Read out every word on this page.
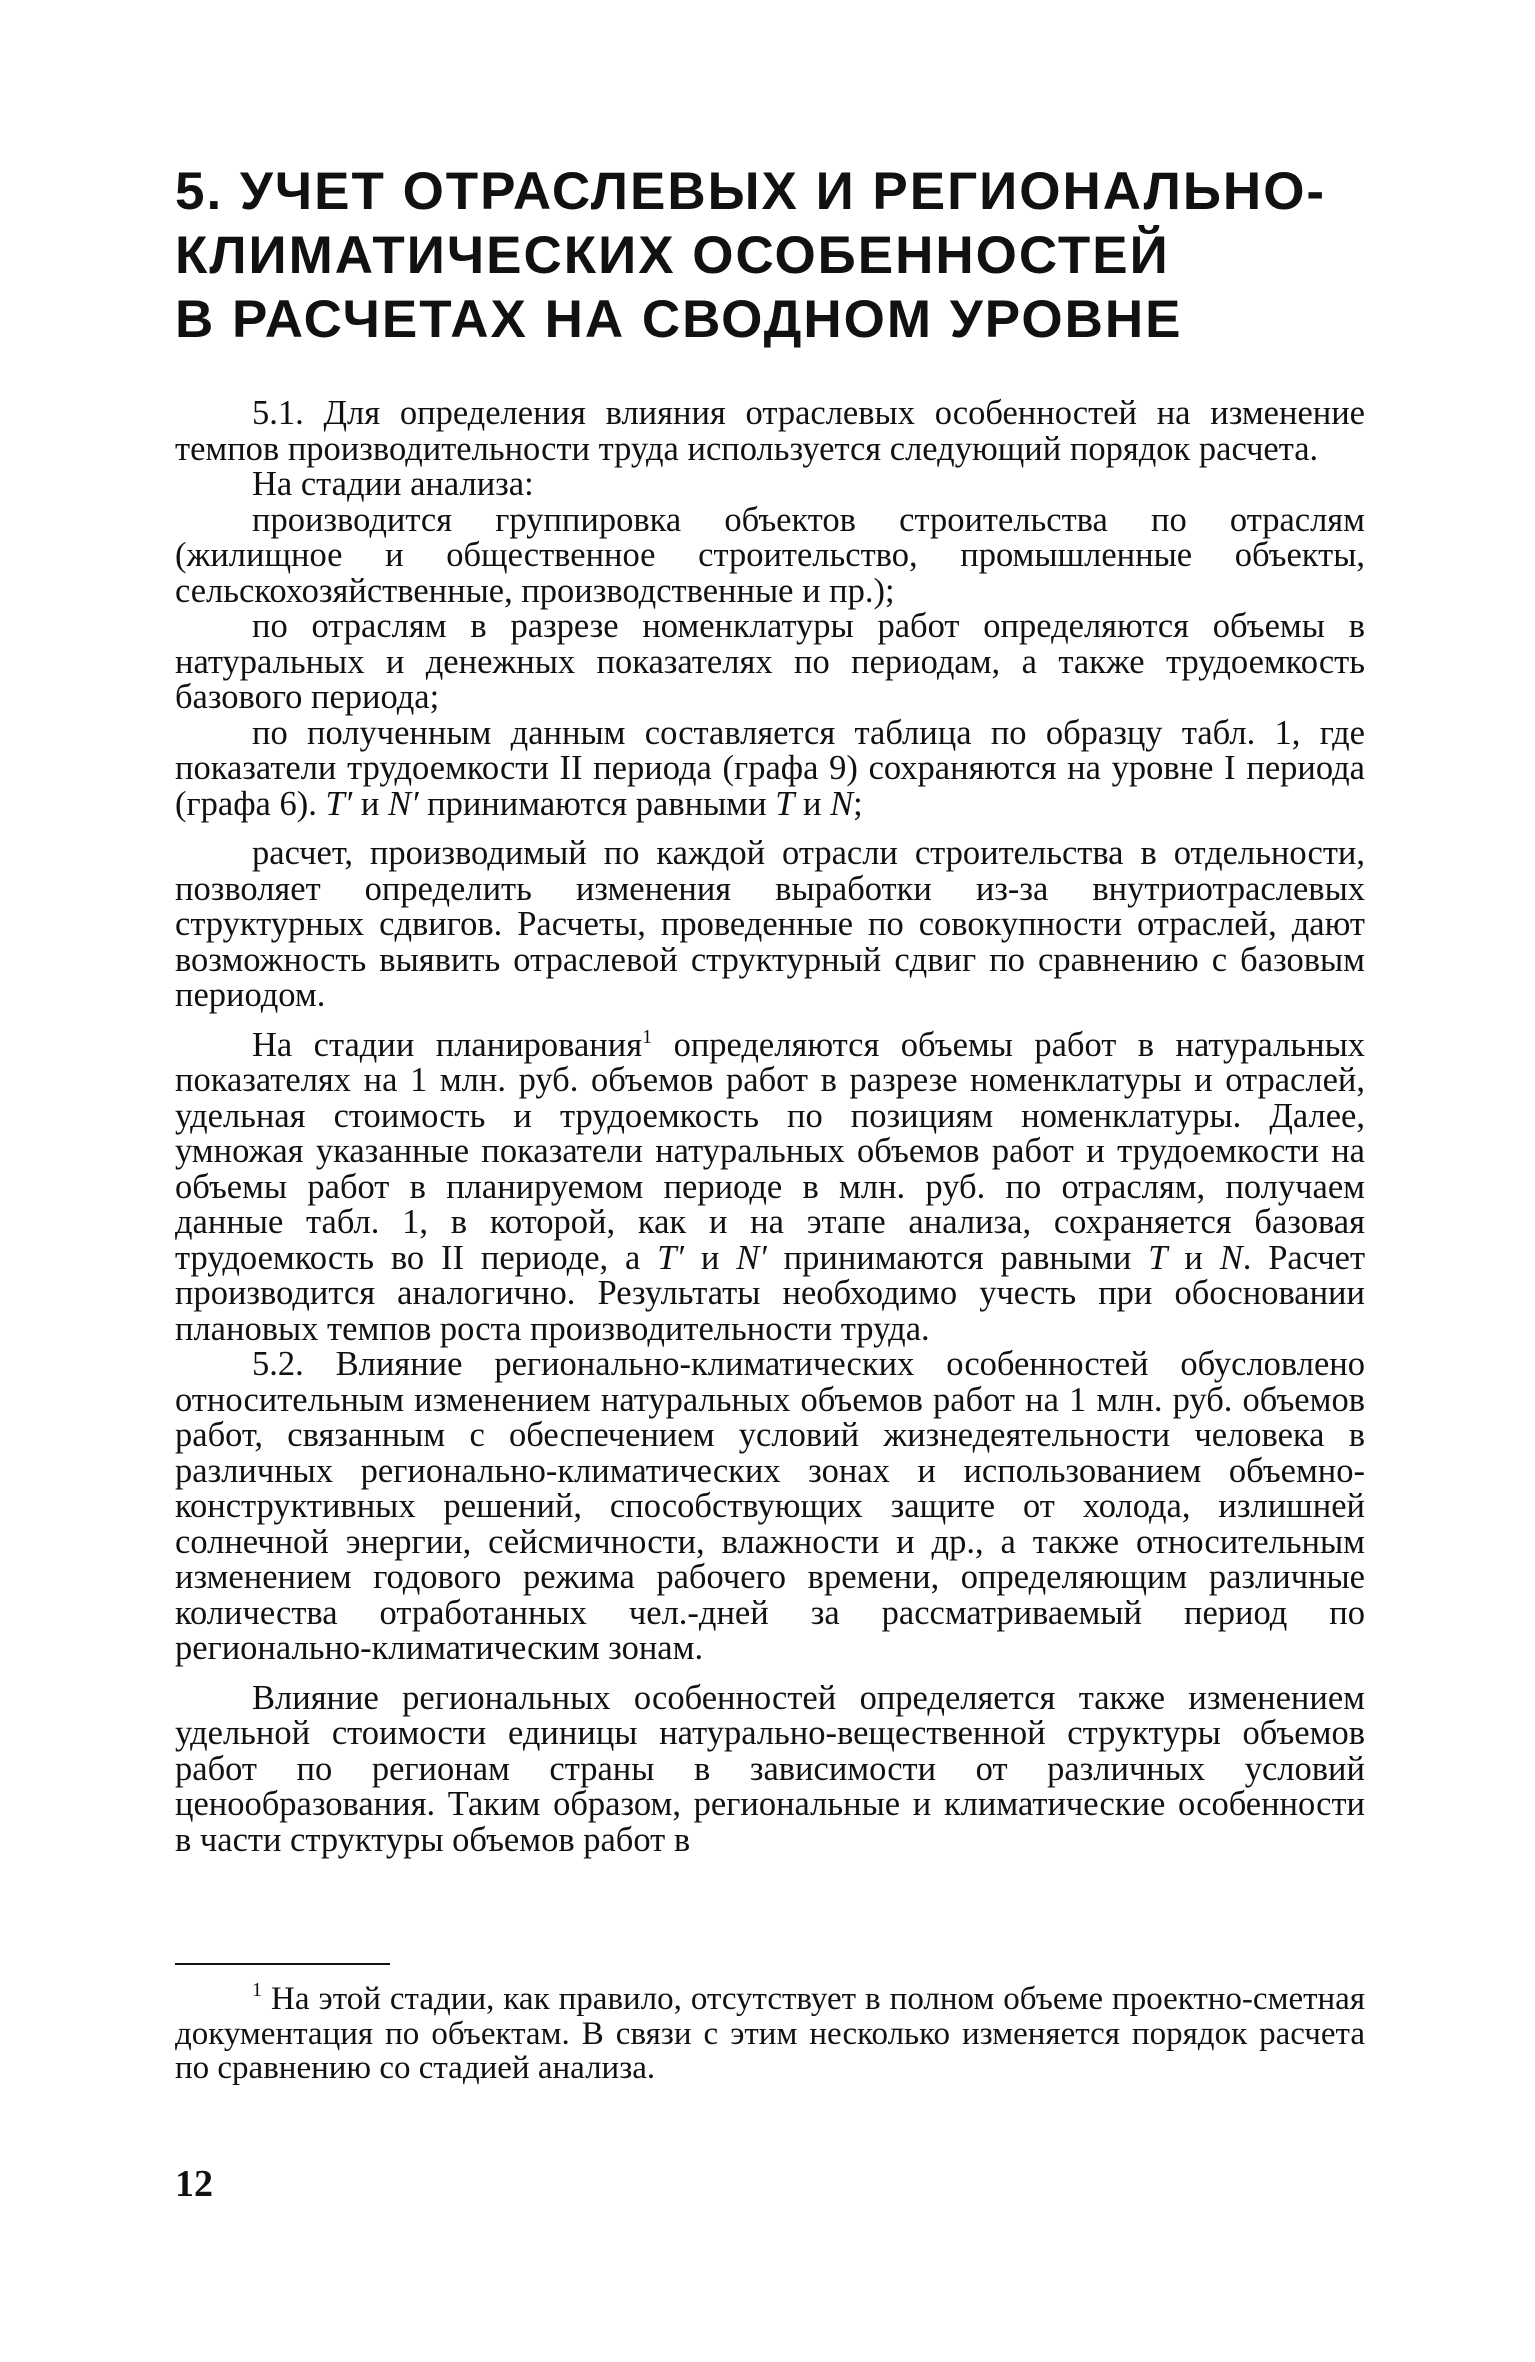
5. УЧЕТ ОТРАСЛЕВЫХ И РЕГИОНАЛЬНО-
КЛИМАТИЧЕСКИХ ОСОБЕННОСТЕЙ
В РАСЧЕТАХ НА СВОДНОМ УРОВНЕ

5.1. Для определения влияния отраслевых особенностей на изменение темпов производительности труда используется следующий порядок расчета.

На стадии анализа:

производится группировка объектов строительства по отраслям (жилищное и общественное строительство, промышленные объекты, сельскохозяйственные, производственные и пр.);

по отраслям в разрезе номенклатуры работ определяются объемы в натуральных и денежных показателях по периодам, а также трудоемкость базового периода;

по полученным данным составляется таблица по образцу табл. 1, где показатели трудоемкости II периода (графа 9) сохраняются на уровне I периода (графа 6). T′ и N′ принимаются равными T и N;

расчет, производимый по каждой отрасли строительства в отдельности, позволяет определить изменения выработки из-за внутриотраслевых структурных сдвигов. Расчеты, проведенные по совокупности отраслей, дают возможность выявить отраслевой структурный сдвиг по сравнению с базовым периодом.

На стадии планирования$^1$ определяются объемы работ в натуральных показателях на 1 млн. руб. объемов работ в разрезе номенклатуры и отраслей, удельная стоимость и трудоемкость по позициям номенклатуры. Далее, умножая указанные показатели натуральных объемов работ и трудоемкости на объемы работ в планируемом периоде в млн. руб. по отраслям, получаем данные табл. 1, в которой, как и на этапе анализа, сохраняется базовая трудоемкость во II периоде, а T′ и N′ принимаются равными T и N. Расчет производится аналогично. Результаты необходимо учесть при обосновании плановых темпов роста производительности труда.

5.2. Влияние регионально-климатических особенностей обусловлено относительным изменением натуральных объемов работ на 1 млн. руб. объемов работ, связанным с обеспечением условий жизнедеятельности человека в различных регионально-климатических зонах и использованием объемно-конструктивных решений, способствующих защите от холода, излишней солнечной энергии, сейсмичности, влажности и др., а также относительным изменением годового режима рабочего времени, определяющим различные количества отработанных чел.-дней за рассматриваемый период по регионально-климатическим зонам.

Влияние региональных особенностей определяется также изменением удельной стоимости единицы натурально-вещественной структуры объемов работ по регионам страны в зависимости от различных условий ценообразования. Таким образом, региональные и климатические особенности в части структуры объемов работ в

$^1$ На этой стадии, как правило, отсутствует в полном объеме проектно-сметная документация по объектам. В связи с этим несколько изменяется порядок расчета по сравнению со стадией анализа.

12
